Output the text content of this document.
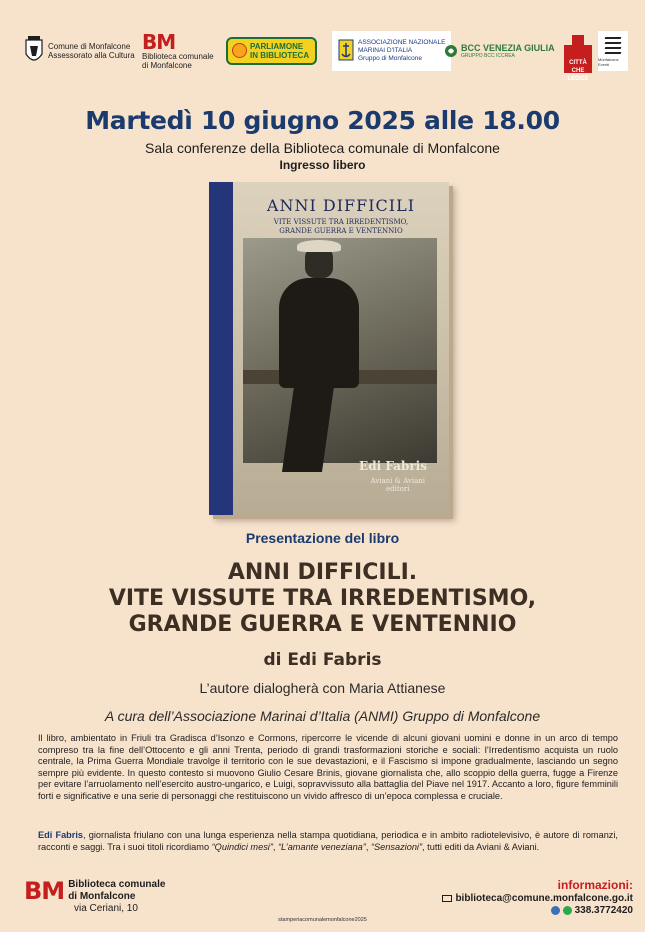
Comune di Monfalcone
Assessorato alla Cultura
BM
Biblioteca comunale
di Monfalcone
PARLIAMONE
IN BIBLIOTECA
ASSOCIAZIONE NAZIONALE
MARINAI D'ITALIA
Gruppo di Monfalcone
BCC VENEZIA GIULIA
GRUPPO BCC ICCREA
CITTÀ CHE LEGGE
Monfalcone Eventi
Martedì 10 giugno 2025 alle 18.00
Sala conferenze della Biblioteca comunale di Monfalcone
Ingresso libero
ANNI DIFFICILI
VITE VISSUTE TRA IRREDENTISMO,
GRANDE GUERRA E VENTENNIO
Edi Fabris
Aviani & Aviani
editori
Presentazione del libro
ANNI DIFFICILI.
VITE VISSUTE TRA IRREDENTISMO,
GRANDE GUERRA E VENTENNIO
di Edi Fabris
L’autore dialogherà con Maria Attianese
A cura dell’Associazione Marinai d’Italia (ANMI) Gruppo di Monfalcone

Il libro, ambientato in Friuli tra Gradisca d’Isonzo e Cormons, ripercorre le vicende di alcuni giovani uomini e donne in un arco di tempo compreso tra la fine dell’Ottocento e gli anni Trenta, periodo di grandi trasformazioni storiche e sociali: l’Irredentismo acquista un ruolo centrale, la Prima Guerra Mondiale travolge il territorio con le sue devastazioni, e il Fascismo si impone gradualmente, lasciando un segno sempre più evidente. In questo contesto si muovono Giulio Cesare Brinis, giovane giornalista che, allo scoppio della guerra, fugge a Firenze per evitare l’arruolamento nell’esercito austro-ungarico, e Luigi, sopravvissuto alla battaglia del Piave nel 1917. Accanto a loro, figure femminili forti e significative e una serie di personaggi che restituiscono un vivido affresco di un’epoca complessa e cruciale.

Edi Fabris, giornalista friulano con una lunga esperienza nella stampa quotidiana, periodica e in ambito radiotelevisivo, è autore di romanzi, racconti e saggi. Tra i suoi titoli ricordiamo “Quindici mesi”, “L’amante veneziana”, “Sensazioni”, tutti editi da Aviani & Aviani.

BM Biblioteca comunale
di Monfalcone
via Ceriani, 10
stamperiacomunalemonfalcone2025
informazioni:
biblioteca@comune.monfalcone.go.it
338.3772420
